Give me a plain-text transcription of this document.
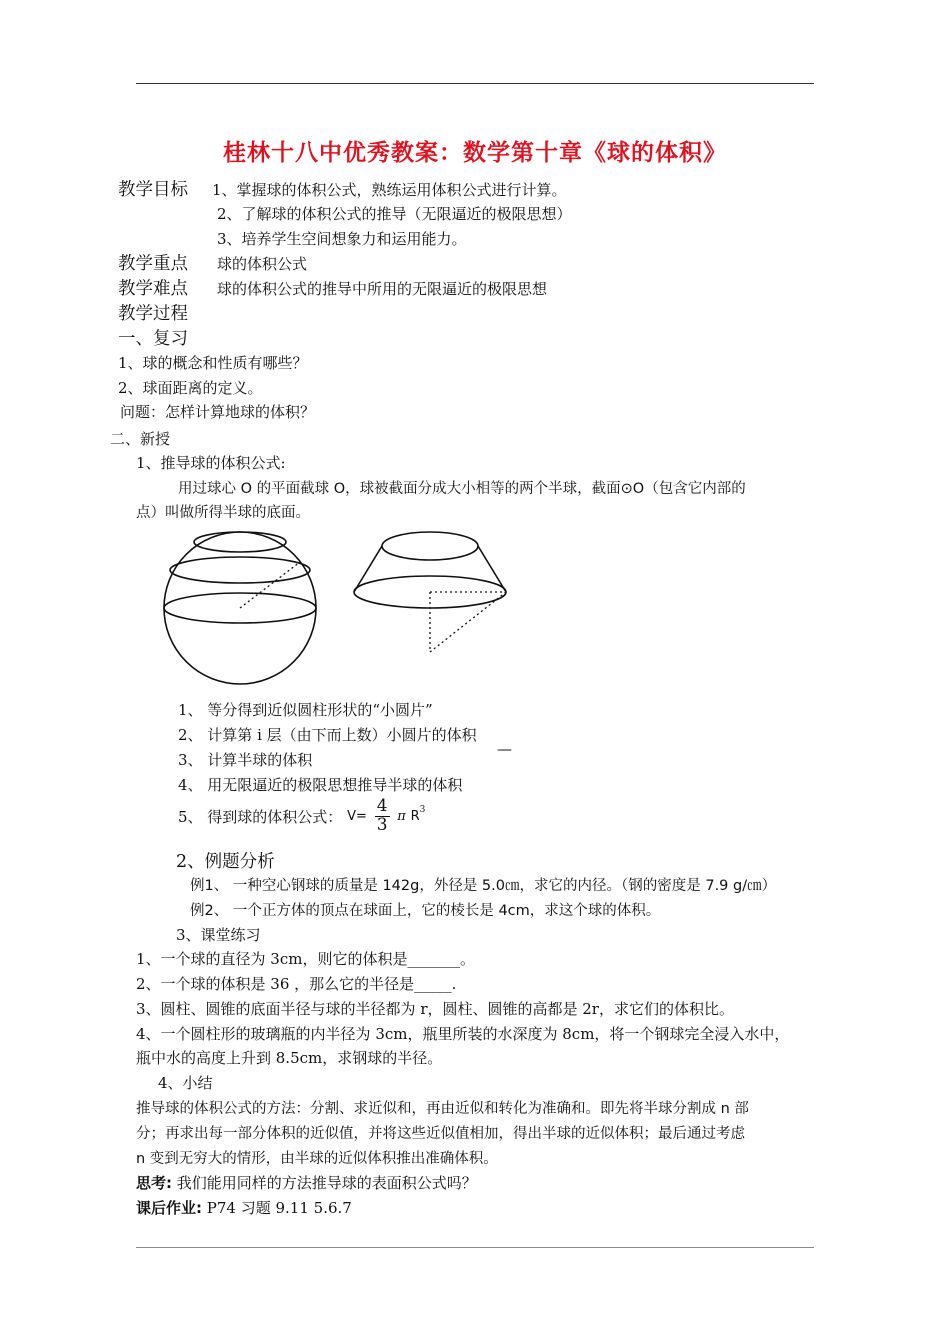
桂林十八中优秀教案：数学第十章《球的体积》
教学目标 1、掌握球的体积公式，熟练运用体积公式进行计算。
2、了解球的体积公式的推导（无限逼近的极限思想）
3、培养学生空间想象力和运用能力。
教学重点 球的体积公式
教学难点 球的体积公式的推导中所用的无限逼近的极限思想
教学过程
一、复习
1、球的概念和性质有哪些？
2、球面距离的定义。
问题：怎样计算地球的体积？
二、新授
1、推导球的体积公式:
用过球心 O 的平面截球 O，球被截面分成大小相等的两个半球，截面⊙O（包含它内部的
点）叫做所得半球的底面。
1、 等分得到近似圆柱形状的“小圆片”
2、 计算第 i 层（由下而上数）小圆片的体积
3、 计算半球的体积
—
4、 用无限逼近的极限思想推导半球的体积
5、 得到球的体积公式： $V= \frac{4}{3}$ π $R^3$
2、例题分析
例1、 一种空心钢球的质量是 142g，外径是 5.0㎝，求它的内径。（钢的密度是 7.9 g/㎝）
例2、 一个正方体的顶点在球面上，它的棱长是 4cm，求这个球的体积。
3、课堂练习
1、一个球的直径为 3cm，则它的体积是_______。
2、一个球的体积是 36 ，那么它的半径是_____.
3、圆柱、圆锥的底面半径与球的半径都为 r，圆柱、圆锥的高都是 2r，求它们的体积比。
4、一个圆柱形的玻璃瓶的内半径为 3cm，瓶里所装的水深度为 8cm，将一个钢球完全浸入水中，
瓶中水的高度上升到 8.5cm，求钢球的半径。
4、小结
推导球的体积公式的方法：分割、求近似和，再由近似和转化为准确和。即先将半球分割成 n 部
分；再求出每一部分体积的近似值，并将这些近似值相加，得出半球的近似体积；最后通过考虑
n 变到无穷大的情形，由半球的近似体积推出准确体积。
思考: 我们能用同样的方法推导球的表面积公式吗？
课后作业: P74 习题 9.11 5.6.7
